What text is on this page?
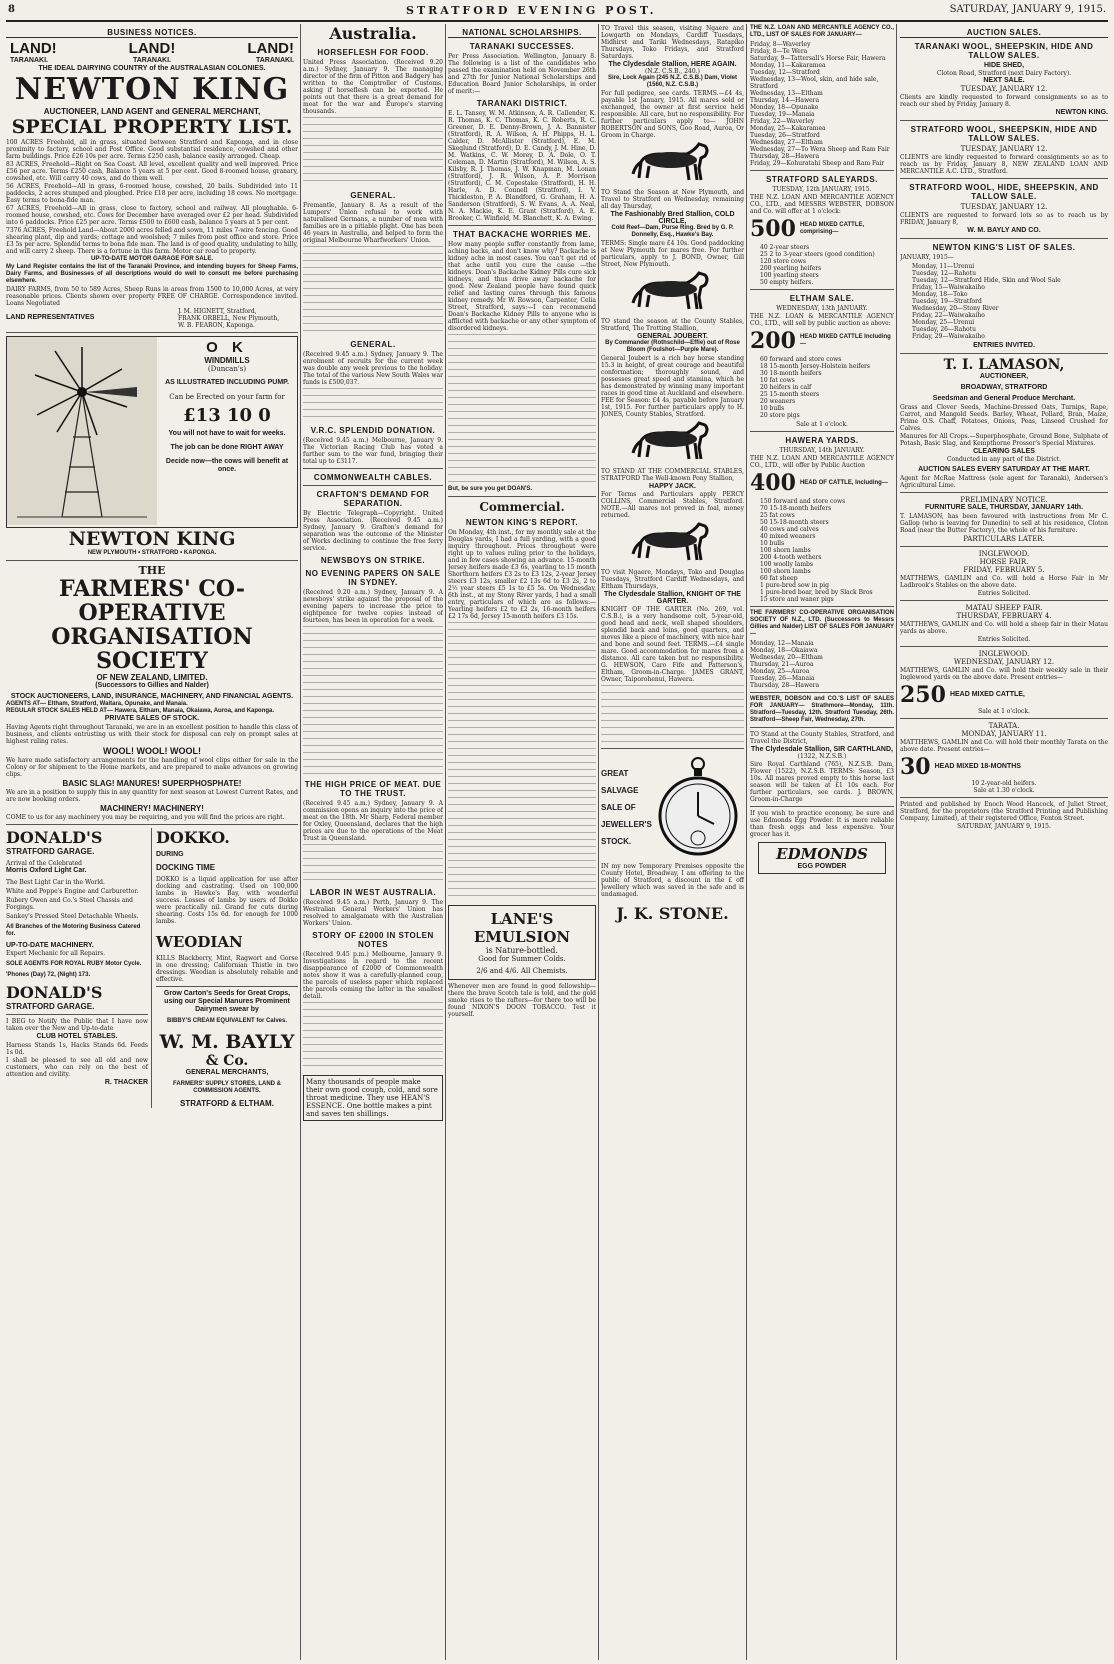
8	STRATFORD EVENING POST.	SATURDAY, JANUARY 9, 1915.
BUSINESS NOTICES.
LAND!	LAND!	LAND!
TARANAKI.	TARANAKI.	TARANAKI.
THE IDEAL DAIRYING COUNTRY of the AUSTRALASIAN COLONIES.
NEWTON KING
AUCTIONEER, LAND AGENT and GENERAL MERCHANT,
SPECIAL PROPERTY LIST.
100 ACRES Freehold, all in grass, situated between Stratford and Kaponga, and in close proximity to factory, school and Post Office. Good substantial residence, cowshed and other farm buildings. Price £26 10s per acre. Terms £250 cash, balance easily arranged. Cheap.
83 ACRES, Freehold—Right on Sea Coast. All level, excellent quality and well improved. Price £56 per acre. Terms £250 cash, Balance 5 years at 5 per cent. Good 8-roomed house, granary, cowshed, etc. Will carry 40 cows, and do them well.
56 ACRES, Freehold—All in grass, 6-roomed house, cowshed, 20 bails. Subdivided into 11 paddocks, 2 acres stumped and ploughed. Price £18 per acre, including 18 cows. No mortgage. Easy terms to bona-fide man.
67 ACRES, Freehold—All in grass, close to factory, school and railway. All ploughable. 6-roomed house, cowshed, etc. Cows for December have averaged over £2 per head. Subdivided into 6 paddocks. Price £25 per acre. Terms £500 to £600 cash, balance 5 years at 5 per cent.
7376 ACRES, Freehold Land—About 2000 acres felled and sown, 11 miles 7-wire fencing. Good shearing plant, dip and yards; cottage and woolshed; 7 miles from post office and store. Price £3 5s per acre. Splendid terms to bona fide man. The land is of good quality, undulating to hilly, and will carry 2 sheep. There is a fortune in this farm. Motor car road to property.
UP-TO-DATE MOTOR GARAGE FOR SALE.
My Land Register contains the list of the Taranaki Province, and intending buyers for Sheep Farms, Dairy Farms, and Businesses of all descriptions would do well to consult me before purchasing elsewhere.
DAIRY FARMS, from 50 to 589 Acres, Sheep Runs in areas from 1500 to 10,000 Acres, at very reasonable prices. Clients shown over property FREE OF CHARGE. Correspondence invited. Loans Negotiated
LAND REPRESENTATIVES
J. M. HIGNETT, Stratford,
FRANK ORBELL, New Plymouth,
W. B. FEARON, Kaponga.
O K
WINDMILLS
(Duncan's)
AS ILLUSTRATED INCLUDING PUMP.
Can be Erected on your farm for
£13 10 0
You will not have to wait for weeks.
The job can be done RIGHT AWAY
Decide now—the cows will benefit at once.
NEWTON KING
NEW PLYMOUTH • STRATFORD • KAPONGA.
THE
FARMERS' CO-OPERATIVE
ORGANISATION SOCIETY
OF NEW ZEALAND, LIMITED.
(Successors to Gillies and Nalder)
STOCK AUCTIONEERS, LAND, INSURANCE, MACHINERY, AND FINANCIAL AGENTS.
AGENTS AT— Eltham, Stratford, Waitara, Opunake, and Manaia.
REGULAR STOCK SALES HELD AT— Hawera, Eltham, Manaia, Okaiawa, Auroa, and Kaponga.
PRIVATE SALES OF STOCK.
Having Agents right throughout Taranaki, we are in an excellent position to handle this class of business, and clients entrusting us with their stock for disposal can rely on prompt sales at highest ruling rates.
WOOL! WOOL! WOOL!
We have made satisfactory arrangements for the handling of wool clips either for sale in the Colony or for shipment to the Home markets, and are prepared to make advances on growing clips.
BASIC SLAG! MANURES! SUPERPHOSPHATE!
We are in a position to supply this in any quantity for next season at Lowest Current Rates, and are now booking orders.
MACHINERY! MACHINERY!
COME to us for any machinery you may be requiring, and you will find the prices are right.
DONALD'S
STRATFORD GARAGE.
Arrival of the Celebrated
Morris Oxford Light Car.
The Best Light Car in the World.
White and Poppe's Engine and Carburettor.
Rubery Owen and Co.'s Steel Chassis and Forgings.
Sankey's Pressed Steel Detachable Wheels.
All Branches of the Motoring Business Catered for.
UP-TO-DATE MACHINERY.
Expert Mechanic for all Repairs.
SOLE AGENTS FOR ROYAL RUBY Motor Cycle.
'Phones (Day) 72, (Night) 173.
DONALD'S
STRATFORD GARAGE.
I BEG to Notify the Public that I have now taken over the New and Up-to-date
CLUB HOTEL STABLES.
Harness Stands 1s, Hacks Stands 6d. Feeds 1s 0d.
I shall be pleased to see all old and new customers, who can rely on the best of attention and civility.
R. THACKER
DOKKO.
DURING
DOCKING TIME
DOKKO is a liquid application for use after docking and castrating. Used on 100,000 lambs in Hawke's Bay, with wonderful success. Losses of lambs by users of Dokko were practically nil. Grand for cuts during shearing. Costs 15s 6d. for enough for 1000 lambs.
WEODIAN
KILLS Blackberry, Mint, Ragwort and Gorse in one dressing; Californian Thistle in two dressings. Weodian is absolutely reliable and effective.
Grow Carton's Seeds for Great Crops, using our Special Manures Prominent Dairymen swear by
BIBBY'S CREAM EQUIVALENT for Calves.
W. M. BAYLY
& Co.
GENERAL MERCHANTS,
FARMERS' SUPPLY STORES, LAND & COMMISSION AGENTS.
STRATFORD & ELTHAM.
Australia.
HORSEFLESH FOR FOOD.
United Press Association. (Received 9.20 a.m.) Sydney, January 9. The managing director of the firm of Pitton and Badgery has written to the Comptroller of Customs, asking if horseflesh can be exported. He points out that there is a great demand for meat for the war and Europe's starving thousands.
GENERAL.
Fremantle, January 8. As a result of the Lumpers' Union refusal to work with naturalised Germans, a number of men with families are in a pitiable plight. One has been 46 years in Australia, and helped to form the original Melbourne Wharfworkers' Union.
GENERAL.
(Received 9.45 a.m.) Sydney, January 9. The enrolment of recruits for the current week was double any week previous to the holiday. The total of the various New South Wales war funds is £500,037.
V.R.C. SPLENDID DONATION.
(Received 9.45 a.m.) Melbourne, January 9. The Victorian Racing Club has voted a further sum to the war fund, bringing their total up to £3117.
COMMONWEALTH CABLES.
CRAFTON'S DEMAND FOR SEPARATION.
By Electric Telegraph—Copyright. United Press Association. (Received 9.45 a.m.) Sydney, January 9. Grafton's demand for separation was the outcome of the Minister of Works declining to continue the free ferry service.
NEWSBOYS ON STRIKE.
NO EVENING PAPERS ON SALE IN SYDNEY.
(Received 9.20 a.m.) Sydney, January 9. A newsboys' strike against the proposal of the evening papers to increase the price to eightpence for twelve copies instead of fourteen, has been in operation for a week.
THE HIGH PRICE OF MEAT. DUE TO THE TRUST.
(Received 9.45 a.m.) Sydney, January 9. A commission opens an inquiry into the price of meat on the 18th. Mr Sharp, Federal member for Oxley, Queensland, declares that the high prices are due to the operations of the Meat Trust in Queensland.
LABOR IN WEST AUSTRALIA.
(Received 9.45 a.m.) Perth, January 9. The Westralian General Workers' Union has resolved to amalgamate with the Australian Workers' Union.
STORY OF £2000 IN STOLEN NOTES
(Received 9.45 p.m.) Melbourne, January 9. Investigations in regard to the recent disappearance of £2000 of Commonwealth notes show it was a carefully-planned coup, the parcels of useless paper which replaced the parcels coming the latter in the smallest detail.
Many thousands of people make their own good cough, cold, and sore throat medicine. They use HEAN'S ESSENCE. One bottle makes a pint and saves ten shillings.
NATIONAL SCHOLARSHIPS.
TARANAKI SUCCESSES.
Per Press Association. Wellington, January 8. The following is a list of the candidates who passed the examination held on November 26th and 27th for Junior National Scholarships and Education Board Junior Scholarships, in order of merit:—
TARANAKI DISTRICT.
E. L. Tansey, W. M. Atkinson, A. R. Callender, K. R. Thomas, K. C. Thomas, K. C. Roberts, R. C. Greener, D. E. Denny-Brown, J. A. Bannister (Stratford), R. A. Wilson, A. H. Phipps, H. L. Calder, D. McAllister (Stratford), E. M. Skeglund (Stratford), D. E. Candy, J. M. Hine, D. M. Watkins, C. W. Morey, D. A. Dole, O. T. Coleman, D. Martin (Stratford), M. Wilson, A. S. Kilsby, R. J. Thomas, J. W. Knapman, M. Lonan (Stratford), J. R. Wilson, A. P. Morrison (Stratford), C. M. Copestake (Stratford), H. H. Harle, A. D. Connell (Stratford), I. V. Thickleston, P. A. Blandford, G. Graham, H. A. Sanderson (Stratford), S. W. Evans, A. A. Neal, N. A. Mackie, K. E. Grant (Stratford), A. E. Brooker, C. Winfield, M. Blanchett, K. A. Ewing.
THAT BACKACHE WORRIES ME.
How many people suffer constantly from lame, aching backs, and don't know why? Backache is kidney ache in most cases. You can't get rid of that ache until you cure the cause —the kidneys. Doan's Backache Kidney Pills cure sick kidneys, and thus drive away backache for good. New Zealand people have found quick relief and lasting cures through this famous kidney remedy. Mr W. Rowson, Carpenter, Celia Street, Stratford, says:—I can recommend Doan's Backache Kidney Pills to anyone who is afflicted with backache or any other symptom of disordered kidneys.
But, be sure you get DOAN'S.
Commercial.
NEWTON KING'S REPORT.
On Monday, 4th inst., for my monthly sale at the Douglas yards, I had a full yarding, with a good inquiry throughout. Prices throughout were right up to values ruling prior to the holidays, and in few cases showing an advance. 15-month Jersey heifers made £3 6s, yearling to 15 month Shorthorn heifers £3 2s to £3 12s, 2-year Jersey steers £3 12s, smaller £2 13s 6d to £3 2s, 2 to 2½ year steers £5 1s to £5 5s. On Wednesday, 6th inst., at my Stony River yards, I had a small entry, particulars of which are as follows:— Yearling heifers £2 to £2 2s, 16-month heifers £2 17s 6d, Jersey 15-month heifers £3 15s.
LANE'S EMULSION
is Nature-bottled.
Good for Summer Colds.
2/6 and 4/6. All Chemists.
Whenever men are found in good fellowship—there the brave Scotch tale is told, and the gold smoke rises to the rafters—for there too will be found NIXON'S DOON TOBACCO. Test it yourself.
TO Travel this season, visiting Ngaere and Lowgarth on Mondays, Cardiff Tuesdays, Midhirst and Tariki Wednesdays, Ratapiko Thursdays, Toko Fridays, and Stratford Saturdays.
The Clydesdale Stallion, HERE AGAIN.
(N.Z. C.S.B., 240.)
Sire, Lock Again (245 N.Z. C.S.B.) Dam, Violet (1560, N.Z. C.S.B.)
For full pedigree, see cards. TERMS.—£4 4s, payable 1st January, 1915. All mares sold or exchanged, the owner at first service held responsible. All care, but no responsibility. For further particulars apply to— JOHN ROBERTSON and SONS, Goo Road, Auroa, Or Groom in Charge.
TO Stand the Season at New Plymouth, and Travel to Stratford on Wednesday, remaining all day Thursday,
The Fashionably Bred Stallion, COLD CIRCLE,
Cold Reef—Dam, Purse Ring. Bred by G. P. Donnelly, Esq., Hawke's Bay.
TERMS: Single mare £4 10s. Good paddocking at New Plymouth for mares free. For further particulars, apply to J. BOND, Owner, Gill Street, New Plymouth.
TO stand the season at the County Stables, Stratford, The Trotting Stallion,
GENERAL JOUBERT.
By Commander (Rothschild—Effie) out of Rose Bloom (Foulshot—Purple Mare).
General Joubert is a rich bay horse standing 15.3 in height, of great courage and beautiful conformation; thoroughly sound, and possesses great speed and stamina, which he has demonstrated by winning many important races in good time at Auckland and elsewhere. FEE for Season: £4 4s, payable before January 1st, 1915. For further particulars apply to H. JONES, County Stables, Stratford.
TO STAND AT THE COMMERCIAL STABLES, STRATFORD The Well-known Pony Stallion,
HAPPY JACK.
For Terms and Particulars apply PERCY COLLINS, Commercial Stables, Stratford. NOTE.—All mares not proved in foal, money returned.
TO visit Ngaere, Mondays, Toko and Douglas Tuesdays, Stratford Cardiff Wednesdays, and Eltham Thursdays,
The Clydesdale Stallion, KNIGHT OF THE GARTER.
KNIGHT OF THE GARTER (No. 269, vol. C.S.B.), is a very handsome colt, 5-year-old, good head and neck, well shaped shoulders, splendid back and loins, good quarters, and moves like a piece of machinery, with nice hair and bone and sound feet. TERMS.—£4 single mare. Good accommodation for mares from a distance. All care taken but no responsibility. G. HEWSON, Caro Fife and Patterson's, Eltham, Groom-in-Charge. JAMES GRANT, Owner, Taiporohenui, Hawera.
GREAT
SALVAGE
SALE OF
JEWELLER'S
STOCK.
IN my new Temporary Premises opposite the County Hotel, Broadway, I am offering to the public of Stratford, a discount in the £ off Jewellery which was saved in the safe and is undamaged.
J. K. STONE.
THE N.Z. LOAN AND MERCANTILE AGENCY CO., LTD., LIST OF SALES FOR JANUARY—
Friday, 8—Waverley
Friday, 8—Te Wera
Saturday, 9—Tattersall's Horse Fair, Hawera
Monday, 11—Kakaramea
Tuesday, 12—Stratford
Wednesday, 13—Wool, skin, and hide sale, Stratford
Wednesday, 13—Eltham
Thursday, 14—Hawera
Monday, 18—Opunake
Tuesday, 19—Manaia
Friday, 22—Waverley
Monday, 25—Kakaramea
Tuesday, 26—Stratford
Wednesday, 27—Eltham
Wednesday, 27—To Wera Sheep and Ram Fair
Thursday, 28—Hawera
Friday, 29—Kohuratahi Sheep and Ram Fair
STRATFORD SALEYARDS.
TUESDAY, 12th JANUARY, 1915.
THE N.Z. LOAN AND MERCANTILE AGENCY CO., LTD., and MESSRS WEBSTER, DOBSON and Co. will offer at 1 o'clock:
500 HEAD MIXED CATTLE, comprising—
40 2-year steers
25 2 to 3-year steers (good condition)
120 store cows
200 yearling heifers
100 yearling steers
50 empty heifers.
ELTHAM SALE.
WEDNESDAY, 13th JANUARY.
THE N.Z. LOAN & MERCANTILE AGENCY CO., LTD., will sell by public auction as above:
200 HEAD MIXED CATTLE Including—
60 forward and store cows
18 15-month Jersey-Holstein heifers
30 18-month heifers
10 fat cows
20 heifers in calf
25 15-month steers
20 weaners
10 bulls
20 store pigs
Sale at 1 o'clock.
HAWERA YARDS.
THURSDAY, 14th JANUARY.
THE N.Z. LOAN AND MERCANTILE AGENCY CO., LTD., will offer by Public Auction
400 HEAD OF CATTLE, Including—
150 forward and store cows
70 15-18-month heifers
25 fat cows
50 15-18-month steers
40 cows and calves
40 mixed weaners
10 bulls
100 shorn lambs
200 4-tooth wethers
100 woolly lambs
100 shorn lambs
60 fat sheep
1 pure-bred sow in pig
1 pure-bred boar, bred by Slack Bros
15 store and waner pigs
THE FARMERS' CO-OPERATIVE ORGANISATION SOCIETY OF N.Z., LTD. (Successors to Messrs Gillies and Nalder) LIST OF SALES FOR JANUARY—
Monday, 12—Manaia
Monday, 18—Okaiawa
Wednesday, 20—Eltham
Thursday, 21—Auroa
Monday, 25—Auroa
Tuesday, 26—Manaia
Thursday, 28—Hawera
WEBSTER, DOBSON and CO.'S LIST OF SALES FOR JANUARY— Strathmore—Monday, 11th. Stratford—Tuesday, 12th. Stratford Tuesday, 26th. Stratford—Sheep Fair, Wednesday, 27th.
TO Stand at the County Stables, Stratford, and Travel the District,
The Clydesdale Stallion, SIR CARTHLAND,
(1322, N.Z.S.B.)
Sire Royal Carthland (765), N.Z.S.B. Dam, Flower (1522), N.Z.S.B. TERMS: Season, £3 10s. All mares proved empty to this horse last season will be taken at £1 10s each. For further particulars, see cards. J. BROWN, Groom-in-Charge
If you wish to practice economy, be sure and use Edmonds Egg Powder. It is more reliable than fresh eggs and less expensive. Your grocer has it.
EDMONDS
EGG POWDER
AUCTION SALES.
TARANAKI WOOL, SHEEPSKIN, HIDE AND TALLOW SALES.
HIDE SHED,
Cloton Road, Stratford (next Dairy Factory).
NEXT SALE.
TUESDAY, JANUARY 12.
Clients are kindly requested to forward consignments so as to reach our shed by Friday, January 8.
NEWTON KING.
STRATFORD WOOL, SHEEPSKIN, HIDE AND TALLOW SALES.
TUESDAY, JANUARY 12.
CLIENTS are kindly requested to forward consignments so as to reach us by Friday, January 8, NEW ZEALAND LOAN AND MERCANTILE A.C. LTD., Stratford.
STRATFORD WOOL, HIDE, SHEEPSKIN, AND TALLOW SALE.
TUESDAY, JANUARY 12.
CLIENTS are requested to forward lots so as to reach us by FRIDAY, January 8,
W. M. BAYLY AND CO.
NEWTON KING'S LIST OF SALES.
JANUARY, 1915—
Monday, 11—Urenui
Tuesday, 12—Rahotu
Tuesday, 12—Stratford Hide, Skin and Wool Sale
Friday, 15—Waiwakaiho
Monday, 18—Toko
Tuesday, 19—Stratford
Wednesday, 20—Stony River
Friday, 22—Waiwakaiho
Monday, 25—Urenui
Tuesday, 26—Rahotu
Friday, 29—Waiwakaiho
ENTRIES INVITED.
T. I. LAMASON,
AUCTIONEER,
BROADWAY, STRATFORD
Seedsman and General Produce Merchant.
Grass and Clover Seeds, Machine-Dressed Oats, Turnips, Rape, Carrot, and Mangold Seeds. Barley, Wheat, Pollard, Bran, Maize, Prime O.S. Chaff, Potatoes, Onions, Peas, Linseed Crushed for Calves.
Manures for All Crops.—Superphosphate, Ground Bone, Sulphate of Potash, Basic Slag, and Kempthorne Prosser's Special Mixtures.
CLEARING SALES
Conducted in any part of the District.
AUCTION SALES EVERY SATURDAY AT THE MART.
Agent for McRae Mattress (sole agent for Taranaki), Andersen's Agricultural Lime.
PRELIMINARY NOTICE.
FURNITURE SALE, THURSDAY, JANUARY 14th.
T. LAMASON, has been favoured with instructions from Mr C. Gallop (who is leaving for Dunedin) to sell at his residence, Cloton Road (near the Butter Factory), the whole of his furniture.
PARTICULARS LATER.
INGLEWOOD.
HORSE FAIR.
FRIDAY, FEBRUARY 5.
MATTHEWS, GAMLIN and Co. will hold a Horse Fair in Mr Ladbrook's Stables on the above date.
Entries Solicited.
MATAU SHEEP FAIR.
THURSDAY, FEBRUARY 4.
MATTHEWS, GAMLIN and Co. will hold a sheep fair in their Matau yards as above.
Entries Solicited.
INGLEWOOD.
WEDNESDAY, JANUARY 12.
MATTHEWS, GAMLIN and Co. will hold their weekly sale in their Inglewood yards on the above date. Present entries—
250 HEAD MIXED CATTLE,
Sale at 1 o'clock.
TARATA.
MONDAY, JANUARY 11.
MATTHEWS, GAMLIN and Co. will hold their monthly Tarata on the above date. Present entries—
30 HEAD MIXED 18-MONTHS
10 2-year-old heifers.
Sale at 1.30 o'clock.
Printed and published by Enoch Wood Hancock, of Juliet Street, Stratford, for the proprietors (the Stratford Printing and Publishing Company, Limited), at their registered Office, Fenton Street.
SATURDAY, JANUARY 9, 1915.
